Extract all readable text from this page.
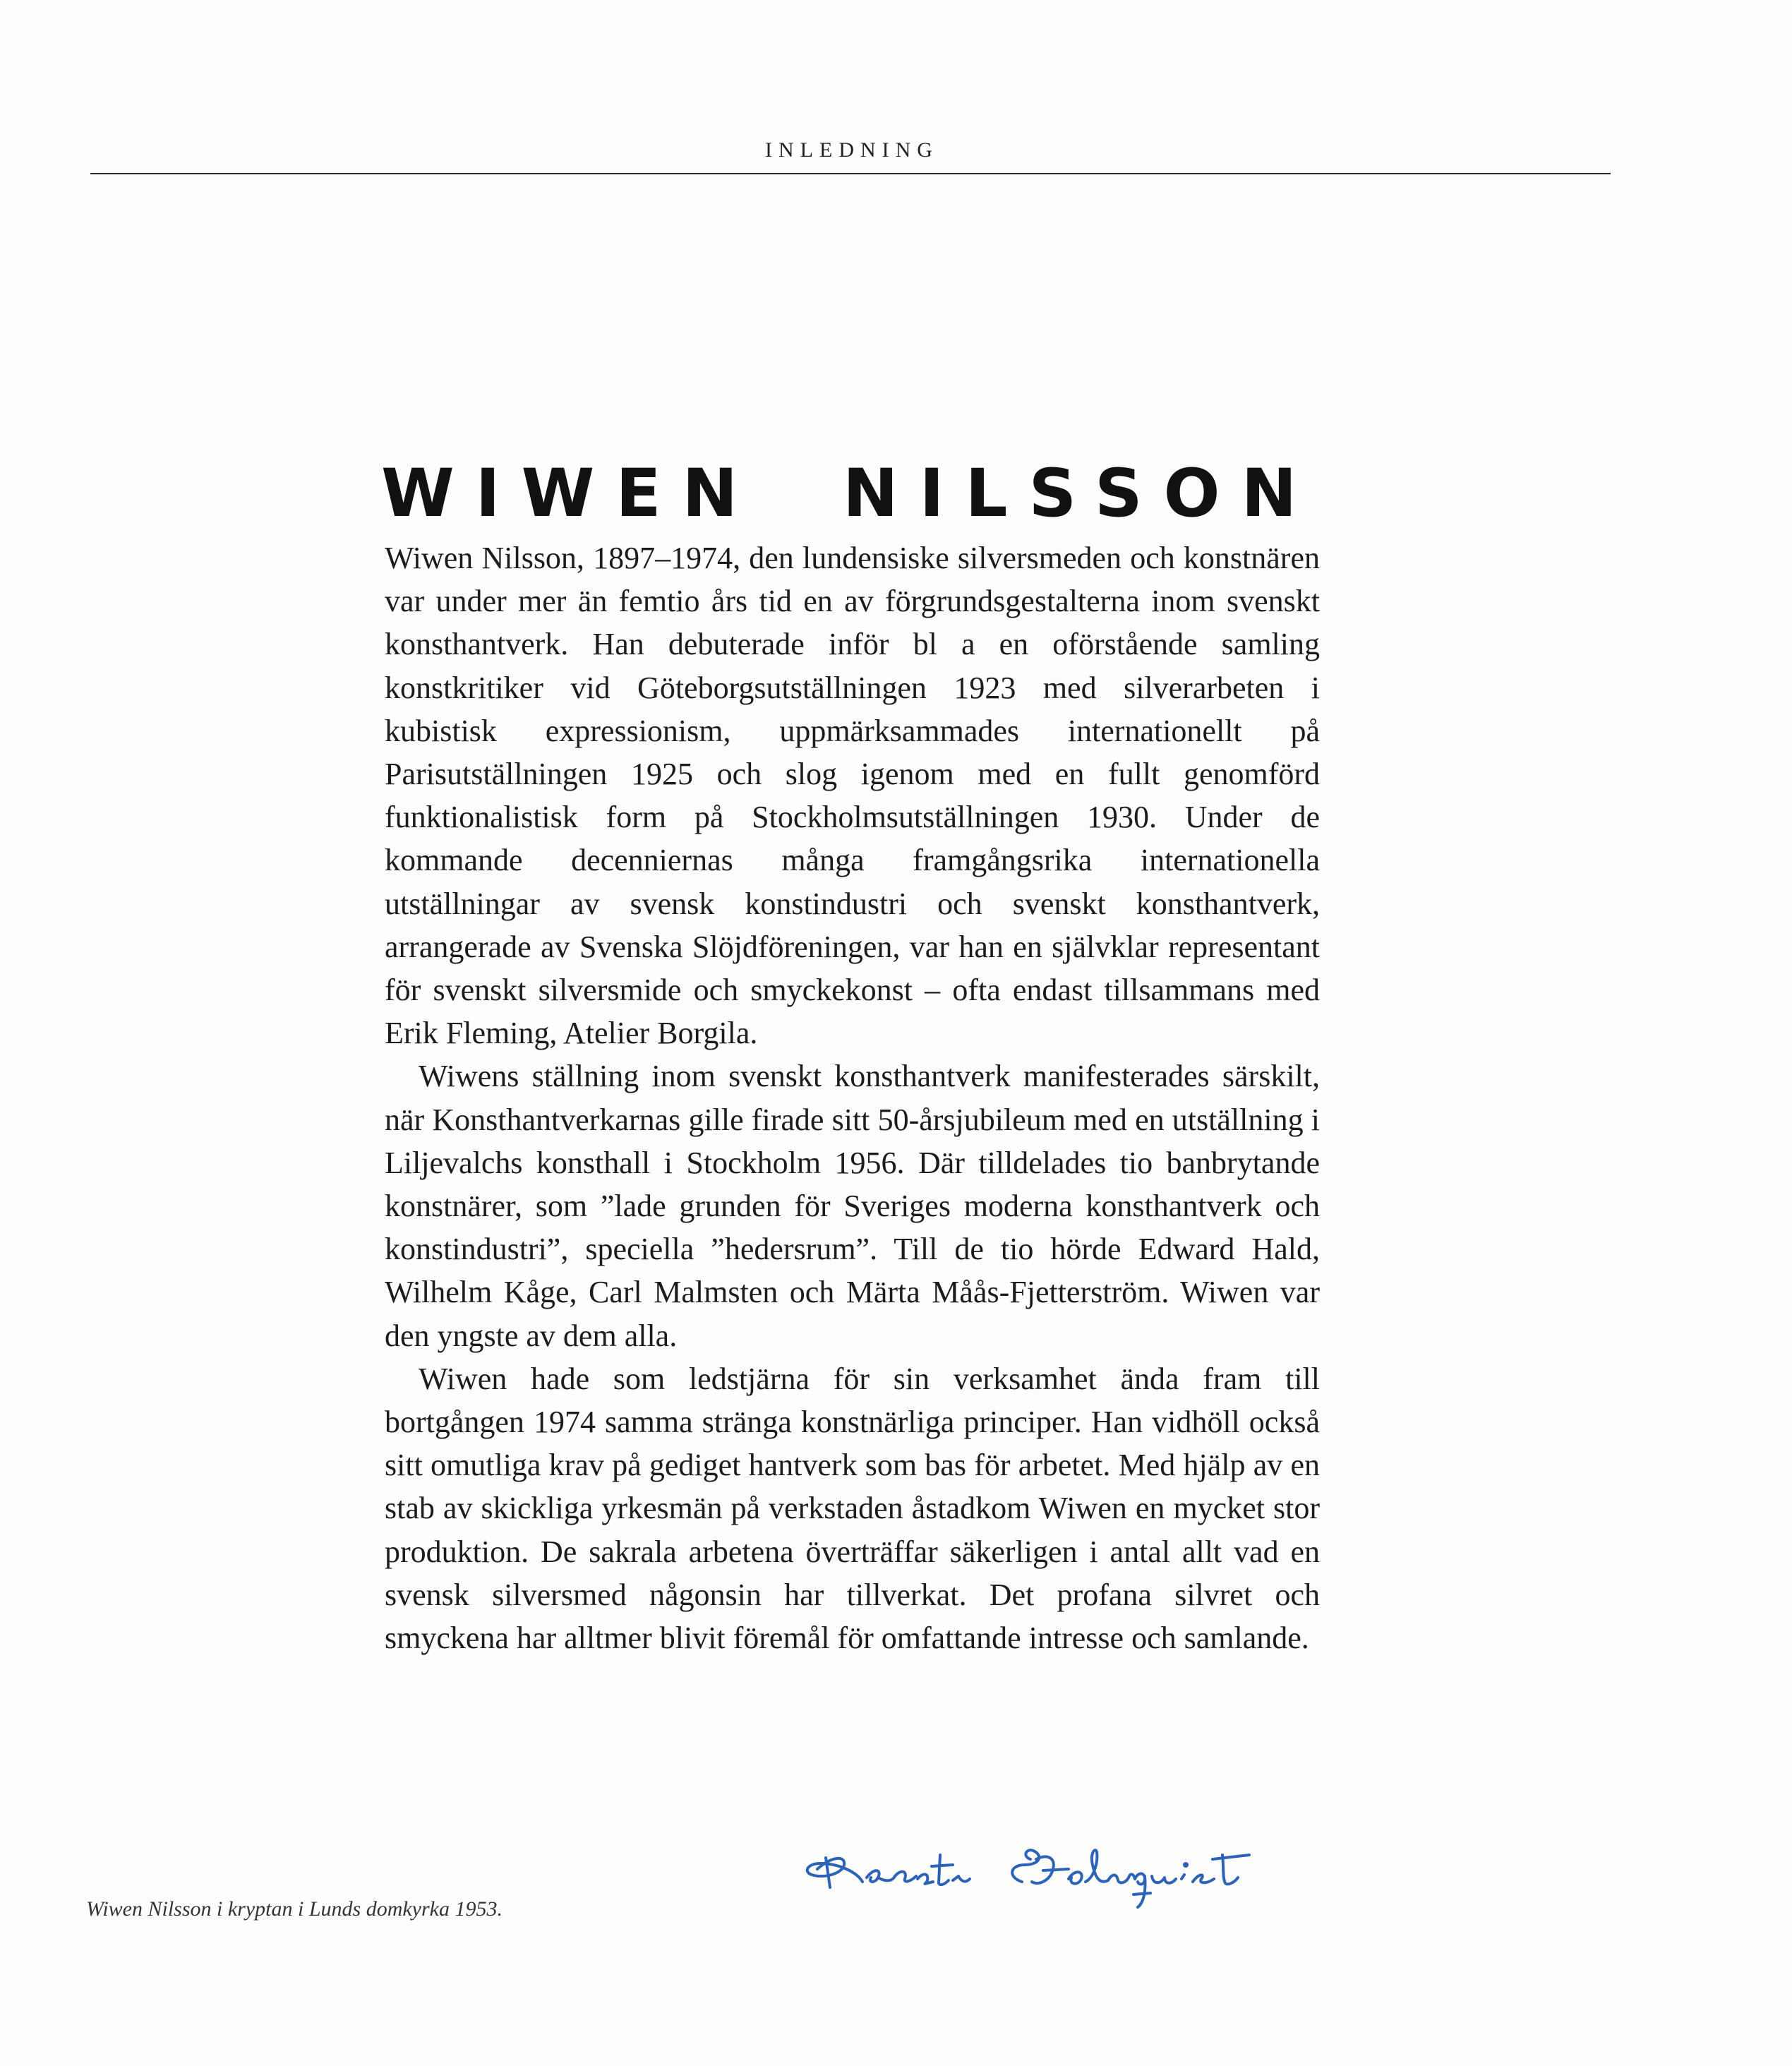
INLEDNING
WIWEN NILSSON

Wiwen Nilsson, 1897–1974, den lundensiske silversmeden och konstnären var under mer än femtio års tid en av förgrundsgestalterna inom svenskt konsthantverk. Han debuterade inför bl a en oförstående samling konstkritiker vid Göteborgsutställningen 1923 med silverarbeten i kubistisk expressionism, uppmärksammades internationellt på Parisutställningen 1925 och slog igenom med en fullt genomförd funktionalistisk form på Stockholmsutställningen 1930. Under de kommande decenniernas många framgångsrika internationella utställningar av svensk konstindustri och svenskt konsthantverk, arrangerade av Svenska Slöjdföreningen, var han en självklar representant för svenskt silversmide och smyckekonst – ofta endast tillsammans med Erik Fleming, Atelier Borgila.

Wiwens ställning inom svenskt konsthantverk manifesterades särskilt, när Konsthantverkarnas gille firade sitt 50-årsjubileum med en utställning i Liljevalchs konsthall i Stockholm 1956. Där tilldelades tio banbrytande konstnärer, som ”lade grunden för Sveriges moderna konsthantverk och konstindustri”, speciella ”hedersrum”. Till de tio hörde Edward Hald, Wilhelm Kåge, Carl Malmsten och Märta Måås-Fjetterström. Wiwen var den yngste av dem alla.

Wiwen hade som ledstjärna för sin verksamhet ända fram till bortgången 1974 samma stränga konstnärliga principer. Han vidhöll också sitt omutliga krav på gediget hantverk som bas för arbetet. Med hjälp av en stab av skickliga yrkesmän på verkstaden åstadkom Wiwen en mycket stor produktion. De sakrala arbetena överträffar säkerligen i antal allt vad en svensk silversmed någonsin har tillverkat. Det profana silvret och smyckena har alltmer blivit föremål för omfattande intresse och samlande.

Wiwen Nilsson i kryptan i Lunds domkyrka 1953.
